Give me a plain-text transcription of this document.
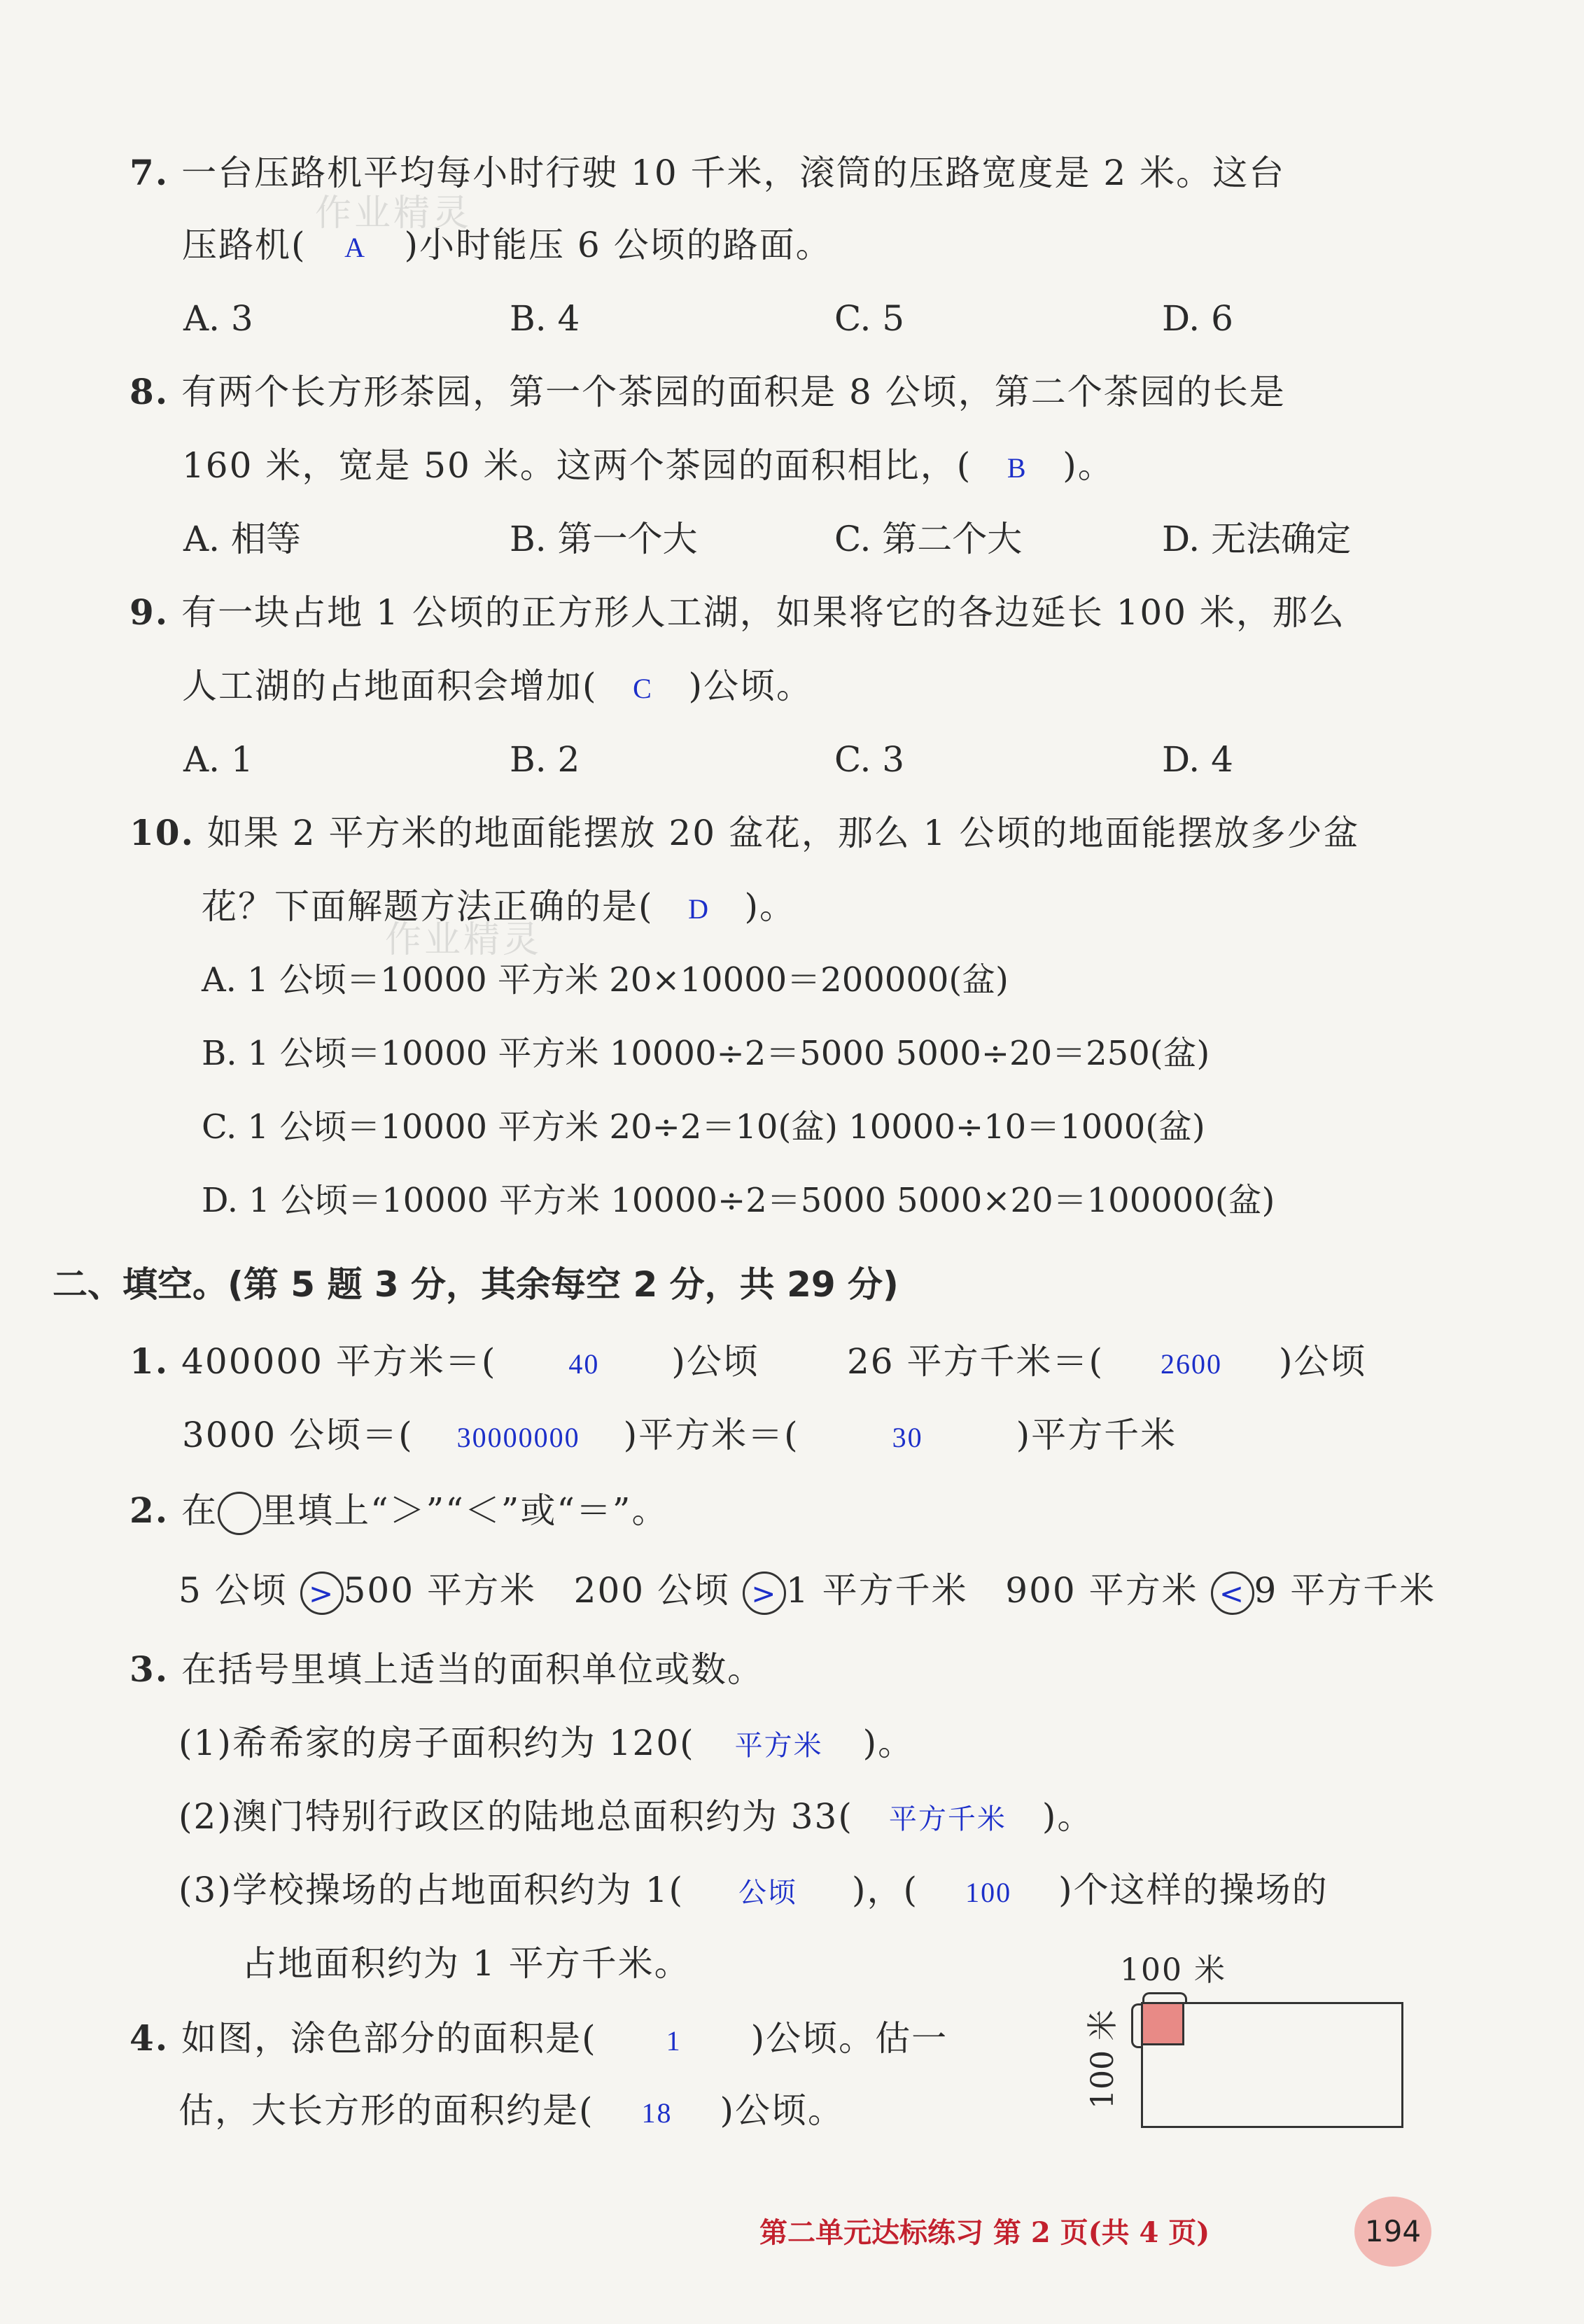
作业精灵
作业精灵
7. 一台压路机平均每小时行驶 10 千米，滚筒的压路宽度是 2 米。这台
压路机( A )小时能压 6 公顷的路面。
A. 3	B. 4	C. 5	D. 6
8. 有两个长方形茶园，第一个茶园的面积是 8 公顷，第二个茶园的长是
160 米，宽是 50 米。这两个茶园的面积相比，( B )。
A. 相等	B. 第一个大	C. 第二个大	D. 无法确定
9. 有一块占地 1 公顷的正方形人工湖，如果将它的各边延长 100 米，那么
人工湖的占地面积会增加( C )公顷。
A. 1	B. 2	C. 3	D. 4
10. 如果 2 平方米的地面能摆放 20 盆花，那么 1 公顷的地面能摆放多少盆
花？下面解题方法正确的是( D )。
A. 1 公顷＝10000 平方米 20×10000＝200000(盆)
B. 1 公顷＝10000 平方米 10000÷2＝5000 5000÷20＝250(盆)
C. 1 公顷＝10000 平方米 20÷2＝10(盆) 10000÷10＝1000(盆)
D. 1 公顷＝10000 平方米 10000÷2＝5000 5000×20＝100000(盆)
二、填空。(第 5 题 3 分，其余每空 2 分，共 29 分)
1. 400000 平方米＝(	40 )公顷	26 平方千米＝( 2600 )公顷
3000 公顷＝( 30000000 )平方米＝(	30	)平方千米
2. 在 里填上“＞”“＜”或“＝”。
5 公顷 > 500 平方米 200 公顷 > 1 平方千米 900 平方米 < 9 平方千米
3. 在括号里填上适当的面积单位或数。
(1)希希家的房子面积约为 120( 平方米 )。
(2)澳门特别行政区的陆地总面积约为 33( 平方千米 )。
(3)学校操场的占地面积约为 1( 公顷 )，( 100 )个这样的操场的
占地面积约为 1 平方千米。
4. 如图，涂色部分的面积是( 1 )公顷。估一
估，大长方形的面积约是( 18 )公顷。
100 米
100 米
第二单元达标练习 第 2 页(共 4 页)	194
